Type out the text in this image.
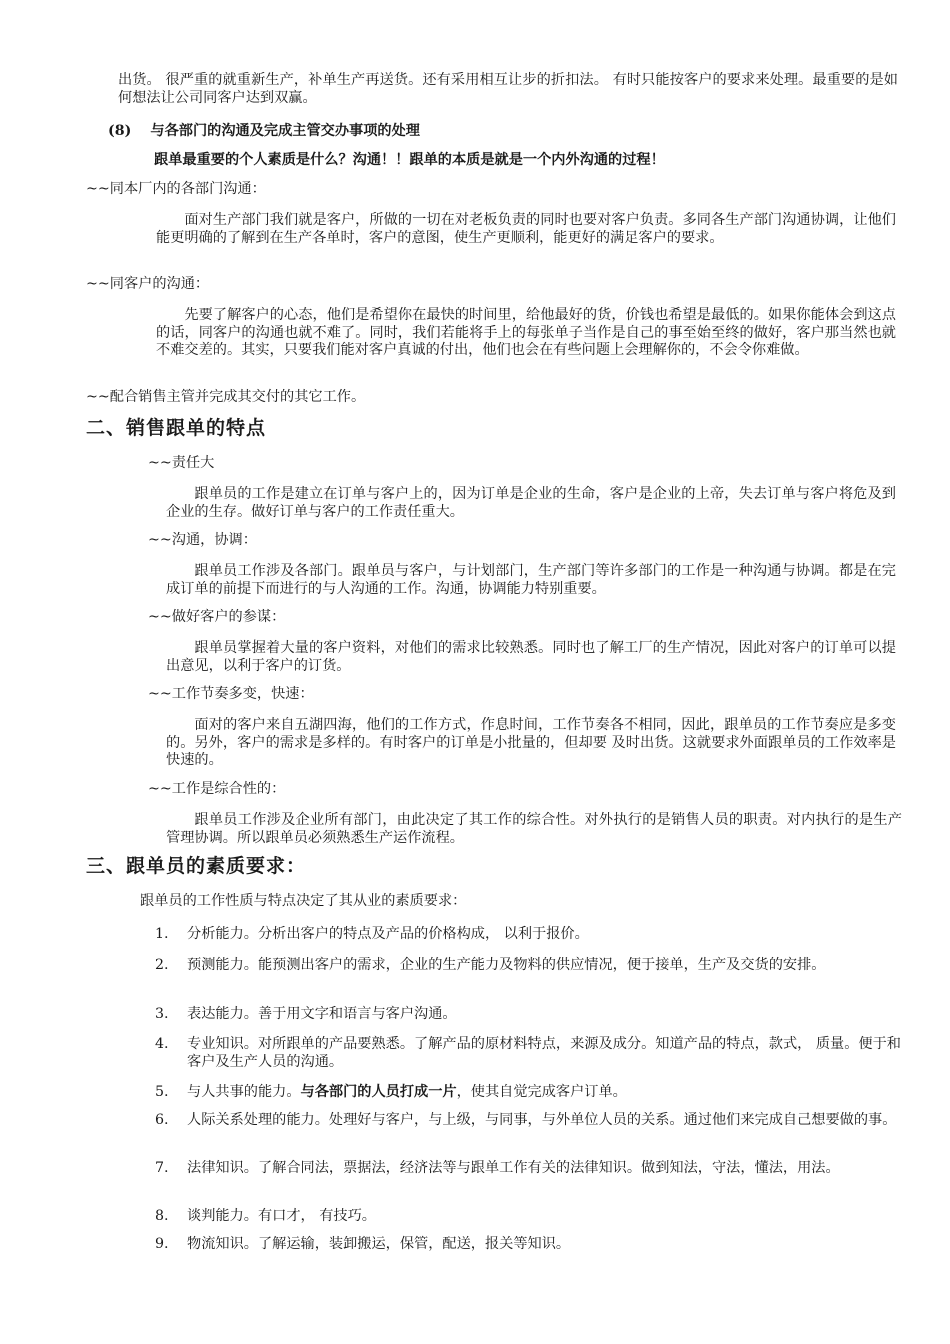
出货。 很严重的就重新生产，补单生产再送货。还有采用相互让步的折扣法。 有时只能按客户的要求来处理。最重要的是如何想法让公司同客户达到双赢。

(8)　 与各部门的沟通及完成主管交办事项的处理

跟单最重要的个人素质是什么？沟通！！跟单的本质是就是一个内外沟通的过程！

~~同本厂内的各部门沟通：

面对生产部门我们就是客户，所做的一切在对老板负责的同时也要对客户负责。多同各生产部门沟通协调，让他们能更明确的了解到在生产各单时，客户的意图，使生产更顺利，能更好的满足客户的要求。

~~同客户的沟通：

先要了解客户的心态，他们是希望你在最快的时间里，给他最好的货，价钱也希望是最低的。如果你能体会到这点的话，同客户的沟通也就不难了。同时，我们若能将手上的每张单子当作是自己的事至始至终的做好，客户那当然也就不难交差的。其实，只要我们能对客户真诚的付出，他们也会在有些问题上会理解你的，不会令你难做。

~~配合销售主管并完成其交付的其它工作。

二、销售跟单的特点

~~责任大

跟单员的工作是建立在订单与客户上的，因为订单是企业的生命，客户是企业的上帝，失去订单与客户将危及到企业的生存。做好订单与客户的工作责任重大。

~~沟通，协调：

跟单员工作涉及各部门。跟单员与客户，与计划部门，生产部门等许多部门的工作是一种沟通与协调。都是在完成订单的前提下而进行的与人沟通的工作。沟通，协调能力特别重要。

~~做好客户的参谋：

跟单员掌握着大量的客户资料，对他们的需求比较熟悉。同时也了解工厂的生产情况，因此对客户的订单可以提出意见，以利于客户的订货。

~~工作节奏多变，快速：

面对的客户来自五湖四海，他们的工作方式，作息时间，工作节奏各不相同，因此，跟单员的工作节奏应是多变的。另外，客户的需求是多样的。有时客户的订单是小批量的，但却要 及时出货。这就要求外面跟单员的工作效率是快速的。

~~工作是综合性的：

跟单员工作涉及企业所有部门，由此决定了其工作的综合性。对外执行的是销售人员的职责。对内执行的是生产管理协调。所以跟单员必须熟悉生产运作流程。

三、跟单员的素质要求：

跟单员的工作性质与特点决定了其从业的素质要求：

1. 分析能力。分析出客户的特点及产品的价格构成， 以利于报价。
2. 预测能力。能预测出客户的需求，企业的生产能力及物料的供应情况，便于接单，生产及交货的安排。
3. 表达能力。善于用文字和语言与客户沟通。
4. 专业知识。对所跟单的产品要熟悉。了解产品的原材料特点，来源及成分。知道产品的特点，款式， 质量。便于和客户及生产人员的沟通。
5. 与人共事的能力。与各部门的人员打成一片，使其自觉完成客户订单。
6. 人际关系处理的能力。处理好与客户，与上级，与同事，与外单位人员的关系。通过他们来完成自己想要做的事。
7. 法律知识。了解合同法，票据法，经济法等与跟单工作有关的法律知识。做到知法，守法，懂法，用法。
8. 谈判能力。有口才， 有技巧。
9. 物流知识。了解运输，装卸搬运，保管，配送，报关等知识。
